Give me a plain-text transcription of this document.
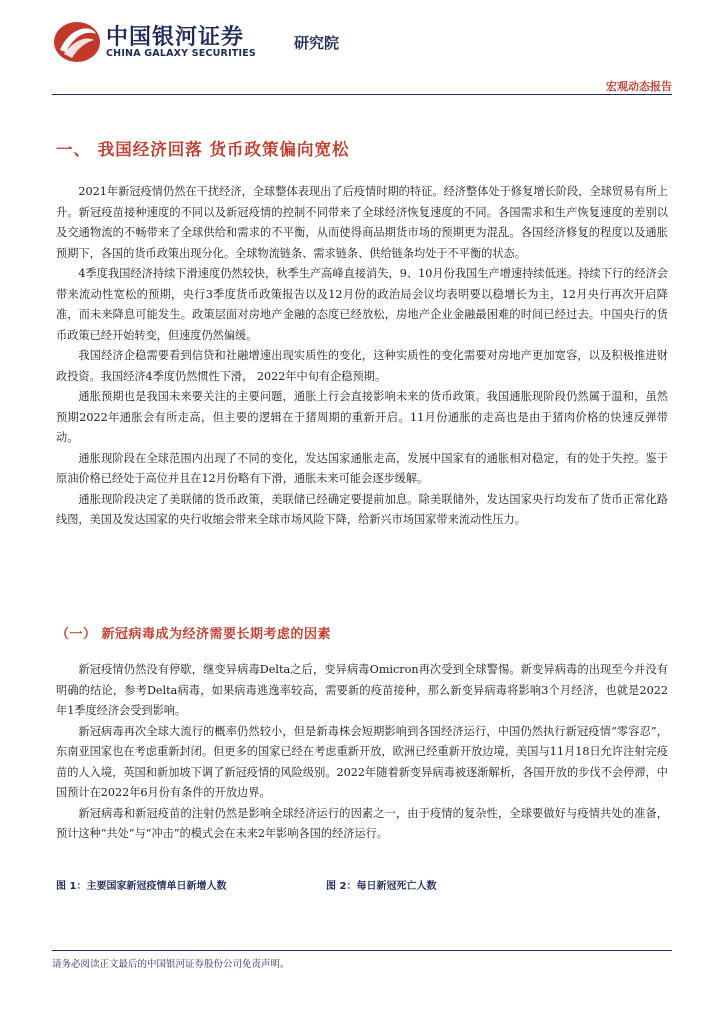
中国银河证券
CHINA GALAXY SECURITIES
研究院
宏观动态报告
一、 我国经济回落 货币政策偏向宽松

2021年新冠疫情仍然在干扰经济，全球整体表现出了后疫情时期的特征。经济整体处于修复增长阶段，全球贸易有所上升。新冠疫苗接种速度的不同以及新冠疫情的控制不同带来了全球经济恢复速度的不同。各国需求和生产恢复速度的差别以及交通物流的不畅带来了全球供给和需求的不平衡，从而使得商品期货市场的预期更为混乱。各国经济修复的程度以及通胀预期下，各国的货币政策出现分化。全球物流链条、需求链条、供给链条均处于不平衡的状态。

4季度我国经济持续下滑速度仍然较快，秋季生产高峰直接消失，9、10月份我国生产增速持续低迷。持续下行的经济会带来流动性宽松的预期，央行3季度货币政策报告以及12月份的政治局会议均表明要以稳增长为主，12月央行再次开启降准，而未来降息可能发生。政策层面对房地产金融的态度已经放松，房地产企业金融最困难的时间已经过去。中国央行的货币政策已经开始转变，但速度仍然偏缓。

我国经济企稳需要看到信贷和社融增速出现实质性的变化，这种实质性的变化需要对房地产更加宽容，以及积极推进财政投资。我国经济4季度仍然惯性下滑， 2022年中旬有企稳预期。

通胀预期也是我国未来要关注的主要问题，通胀上行会直接影响未来的货币政策。我国通胀现阶段仍然属于温和，虽然预期2022年通胀会有所走高，但主要的逻辑在于猪周期的重新开启。11月份通胀的走高也是由于猪肉价格的快速反弹带动。

通胀现阶段在全球范围内出现了不同的变化，发达国家通胀走高，发展中国家有的通胀相对稳定，有的处于失控。鉴于原油价格已经处于高位并且在12月份略有下滑，通胀未来可能会逐步缓解。

通胀现阶段决定了美联储的货币政策，美联储已经确定要提前加息。除美联储外，发达国家央行均发布了货币正常化路线图，美国及发达国家的央行收缩会带来全球市场风险下降，给新兴市场国家带来流动性压力。

（一） 新冠病毒成为经济需要长期考虑的因素

新冠疫情仍然没有停歇，继变异病毒Delta之后，变异病毒Omicron再次受到全球警惕。新变异病毒的出现至今并没有明确的结论，参考Delta病毒，如果病毒逃逸率较高，需要新的疫苗接种，那么新变异病毒将影响3个月经济，也就是2022年1季度经济会受到影响。

新冠病毒再次全球大流行的概率仍然较小，但是新毒株会短期影响到各国经济运行，中国仍然执行新冠疫情“零容忍”，东南亚国家也在考虑重新封闭。但更多的国家已经在考虑重新开放，欧洲已经重新开放边境，美国与11月18日允许注射完疫苗的人入境，英国和新加坡下调了新冠疫情的风险级别。2022年随着新变异病毒被逐渐解析，各国开放的步伐不会停滞，中国预计在2022年6月份有条件的开放边界。

新冠病毒和新冠疫苗的注射仍然是影响全球经济运行的因素之一，由于疫情的复杂性，全球要做好与疫情共处的准备，预计这种“共处”与“冲击”的模式会在未来2年影响各国的经济运行。

图 1：主要国家新冠疫情单日新增人数	图 2：每日新冠死亡人数
请务必阅读正文最后的中国银河证券股份公司免责声明。
